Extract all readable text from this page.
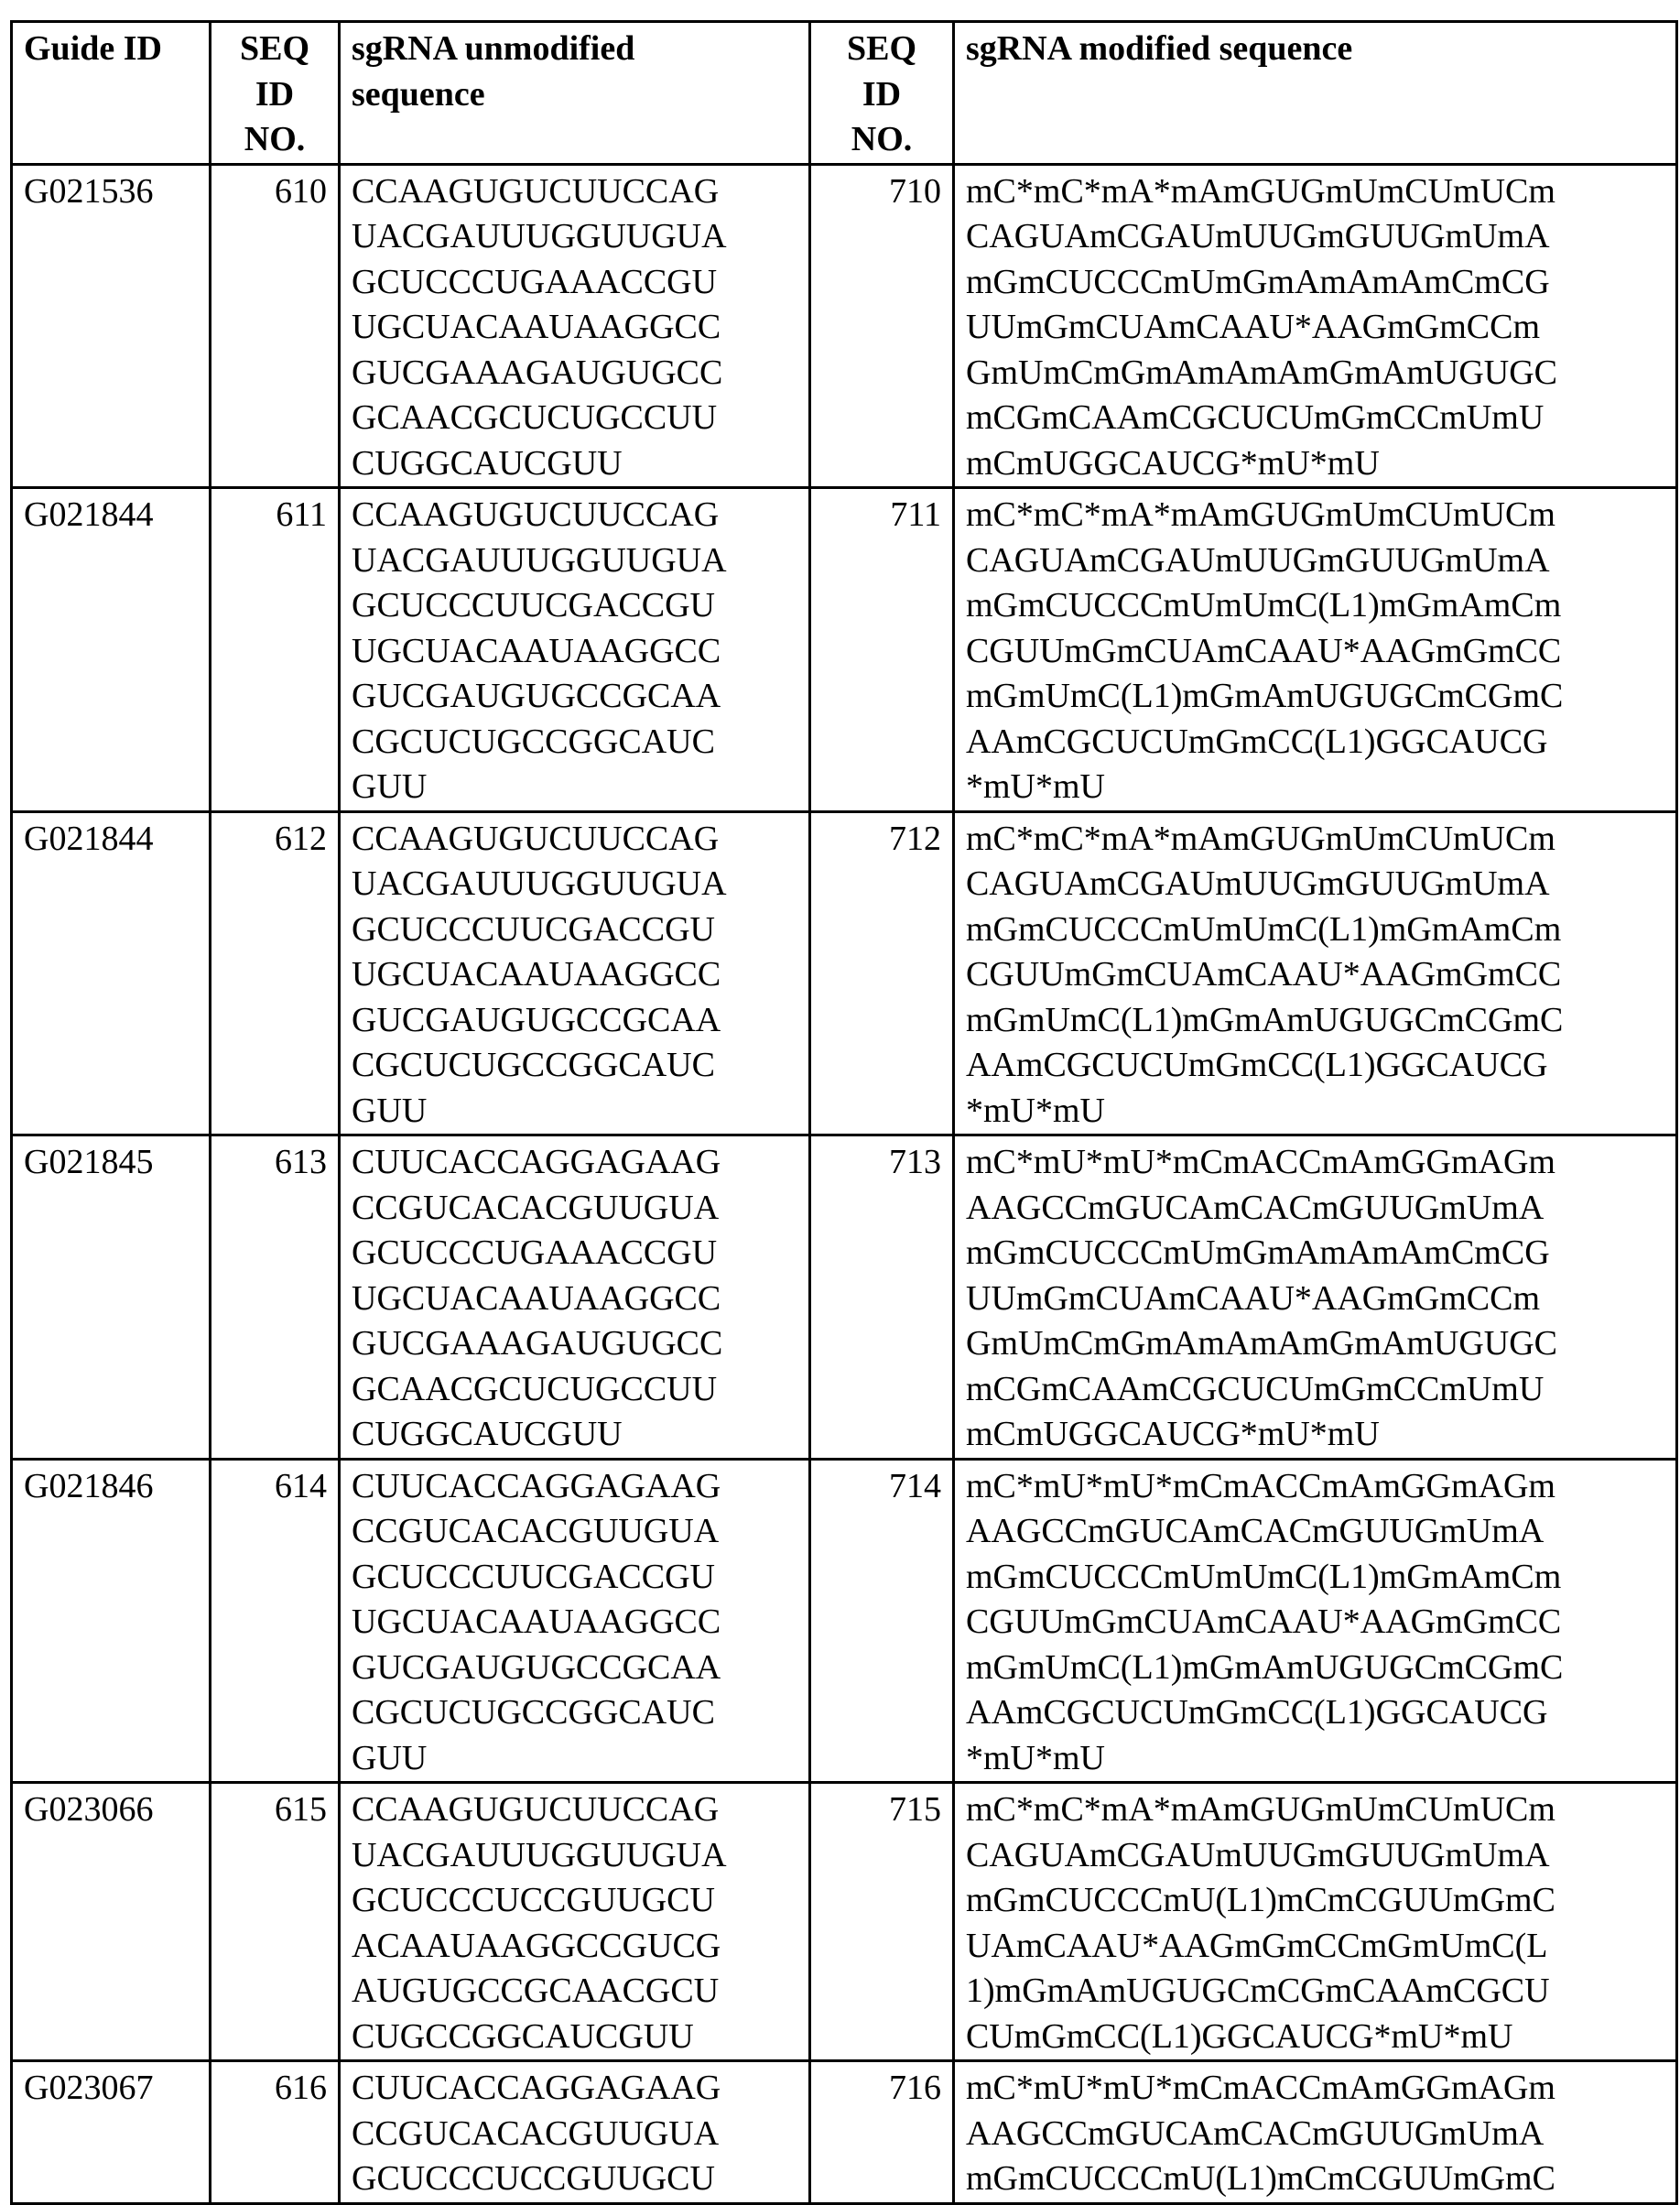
Guide ID	SEQ
ID
NO.

sgRNA unmodified
sequence

SEQ
ID
NO.

sgRNA modified sequence

G021536	610	CCAAGUGUCUUCCAG
UACGAUUUGGUUGUA
GCUCCCUGAAACCGU
UGCUACAAUAAGGCC
GUCGAAAGAUGUGCC
GCAACGCUCUGCCUU
CUGGCAUCGUU

710	mC*mC*mA*mAmGUGmUmCUmUCm
CAGUAmCGAUmUUGmGUUGmUmA
mGmCUCCCmUmGmAmAmAmCmCG
UUmGmCUAmCAAU*AAGmGmCCm
GmUmCmGmAmAmAmGmAmUGUGC
mCGmCAAmCGCUCUmGmCCmUmU
mCmUGGCAUCG*mU*mU

G021844	611	CCAAGUGUCUUCCAG
UACGAUUUGGUUGUA
GCUCCCUUCGACCGU
UGCUACAAUAAGGCC
GUCGAUGUGCCGCAA
CGCUCUGCCGGCAUC
GUU

711	mC*mC*mA*mAmGUGmUmCUmUCm
CAGUAmCGAUmUUGmGUUGmUmA
mGmCUCCCmUmUmC(L1)mGmAmCm
CGUUmGmCUAmCAAU*AAGmGmCC
mGmUmC(L1)mGmAmUGUGCmCGmC
AAmCGCUCUmGmCC(L1)GGCAUCG
*mU*mU

G021844	612	CCAAGUGUCUUCCAG
UACGAUUUGGUUGUA
GCUCCCUUCGACCGU
UGCUACAAUAAGGCC
GUCGAUGUGCCGCAA
CGCUCUGCCGGCAUC
GUU

712	mC*mC*mA*mAmGUGmUmCUmUCm
CAGUAmCGAUmUUGmGUUGmUmA
mGmCUCCCmUmUmC(L1)mGmAmCm
CGUUmGmCUAmCAAU*AAGmGmCC
mGmUmC(L1)mGmAmUGUGCmCGmC
AAmCGCUCUmGmCC(L1)GGCAUCG
*mU*mU

G021845	613	CUUCACCAGGAGAAG
CCGUCACACGUUGUA
GCUCCCUGAAACCGU
UGCUACAAUAAGGCC
GUCGAAAGAUGUGCC
GCAACGCUCUGCCUU
CUGGCAUCGUU

713	mC*mU*mU*mCmACCmAmGGmAGm
AAGCCmGUCAmCACmGUUGmUmA
mGmCUCCCmUmGmAmAmAmCmCG
UUmGmCUAmCAAU*AAGmGmCCm
GmUmCmGmAmAmAmGmAmUGUGC
mCGmCAAmCGCUCUmGmCCmUmU
mCmUGGCAUCG*mU*mU

G021846	614	CUUCACCAGGAGAAG
CCGUCACACGUUGUA
GCUCCCUUCGACCGU
UGCUACAAUAAGGCC
GUCGAUGUGCCGCAA
CGCUCUGCCGGCAUC
GUU

714	mC*mU*mU*mCmACCmAmGGmAGm
AAGCCmGUCAmCACmGUUGmUmA
mGmCUCCCmUmUmC(L1)mGmAmCm
CGUUmGmCUAmCAAU*AAGmGmCC
mGmUmC(L1)mGmAmUGUGCmCGmC
AAmCGCUCUmGmCC(L1)GGCAUCG
*mU*mU

G023066	615	CCAAGUGUCUUCCAG
UACGAUUUGGUUGUA
GCUCCCUCCGUUGCU
ACAAUAAGGCCGUCG
AUGUGCCGCAACGCU
CUGCCGGCAUCGUU

715	mC*mC*mA*mAmGUGmUmCUmUCm
CAGUAmCGAUmUUGmGUUGmUmA
mGmCUCCCmU(L1)mCmCGUUmGmC
UAmCAAU*AAGmGmCCmGmUmC(L
1)mGmAmUGUGCmCGmCAAmCGCU
CUmGmCC(L1)GGCAUCG*mU*mU

G023067	616	CUUCACCAGGAGAAG
CCGUCACACGUUGUA
GCUCCCUCCGUUGCU

716	mC*mU*mU*mCmACCmAmGGmAGm
AAGCCmGUCAmCACmGUUGmUmA
mGmCUCCCmU(L1)mCmCGUUmGmC
